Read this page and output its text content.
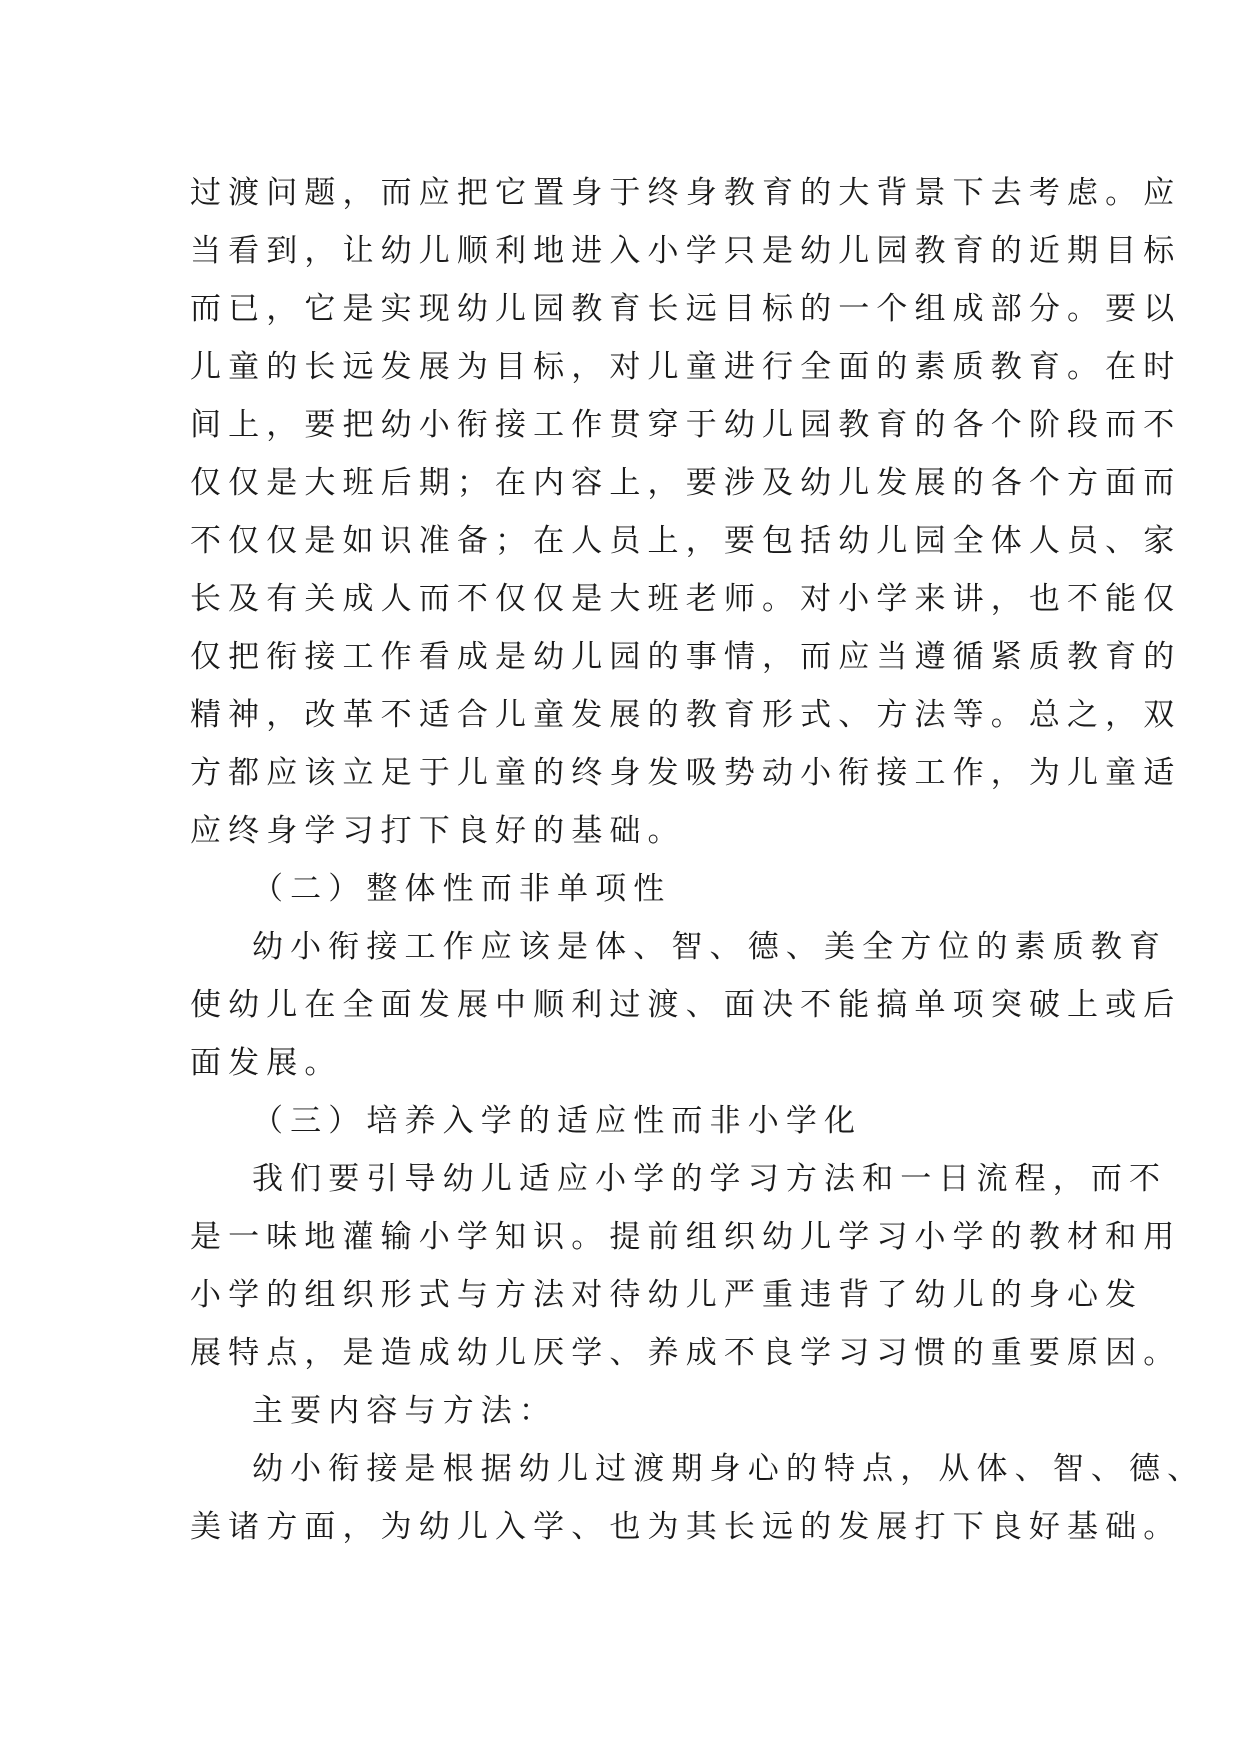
过渡问题，而应把它置身于终身教育的大背景下去考虑。应
当看到，让幼儿顺利地进入小学只是幼儿园教育的近期目标
而已，它是实现幼儿园教育长远目标的一个组成部分。要以
儿童的长远发展为目标，对儿童进行全面的素质教育。在时
间上，要把幼小衔接工作贯穿于幼儿园教育的各个阶段而不
仅仅是大班后期；在内容上，要涉及幼儿发展的各个方面而
不仅仅是如识准备；在人员上，要包括幼儿园全体人员、家
长及有关成人而不仅仅是大班老师。对小学来讲，也不能仅
仅把衔接工作看成是幼儿园的事情，而应当遵循紧质教育的
精神，改革不适合儿童发展的教育形式、方法等。总之，双
方都应该立足于儿童的终身发吸势动小衔接工作，为儿童适
应终身学习打下良好的基础。
（二）整体性而非单项性
幼小衔接工作应该是体、智、德、美全方位的素质教育
使幼儿在全面发展中顺利过渡、面决不能搞单项突破上或后
面发展。
（三）培养入学的适应性而非小学化
我们要引导幼儿适应小学的学习方法和一日流程，而不
是一味地灌输小学知识。提前组织幼儿学习小学的教材和用
小学的组织形式与方法对待幼儿严重违背了幼儿的身心发
展特点，是造成幼儿厌学、养成不良学习习惯的重要原因。
主要内容与方法：
幼小衔接是根据幼儿过渡期身心的特点，从体、智、德、
美诸方面，为幼儿入学、也为其长远的发展打下良好基础。
